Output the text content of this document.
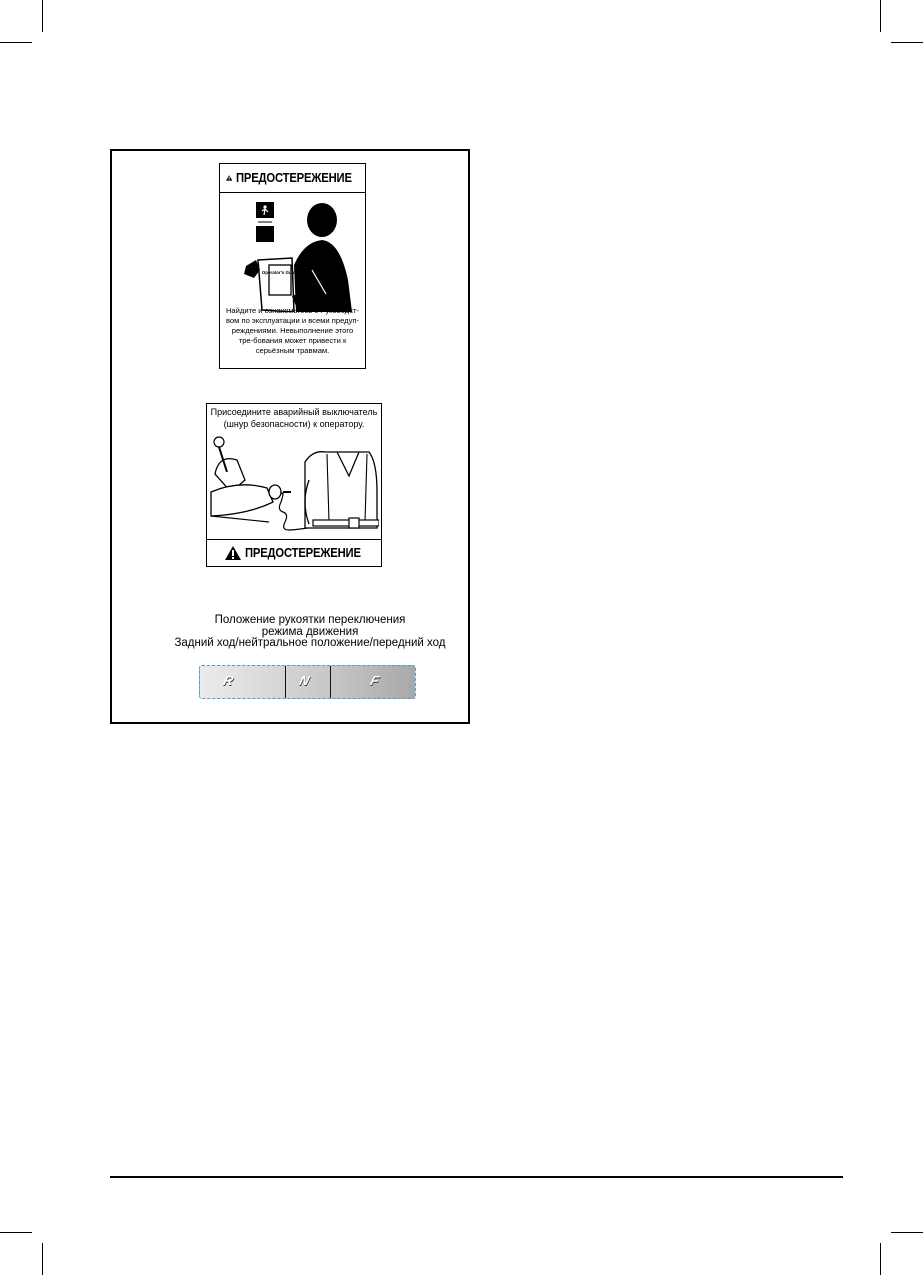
ПРЕДОСТЕРЕЖЕНИЕ
Operator's Guide
Найдите и ознакомьтесь с Руководст-вом по эксплуатации и всеми предуп-реждениями. Невыполнение этого тре-бования может привести к серьёзным травмам.
Присоедините аварийный выключатель (шнур безопасности) к оператору.
ПРЕДОСТЕРЕЖЕНИЕ
Положение рукоятки переключения
режима движения
Задний ход/нейтральное положение/передний ход
R	N	F
